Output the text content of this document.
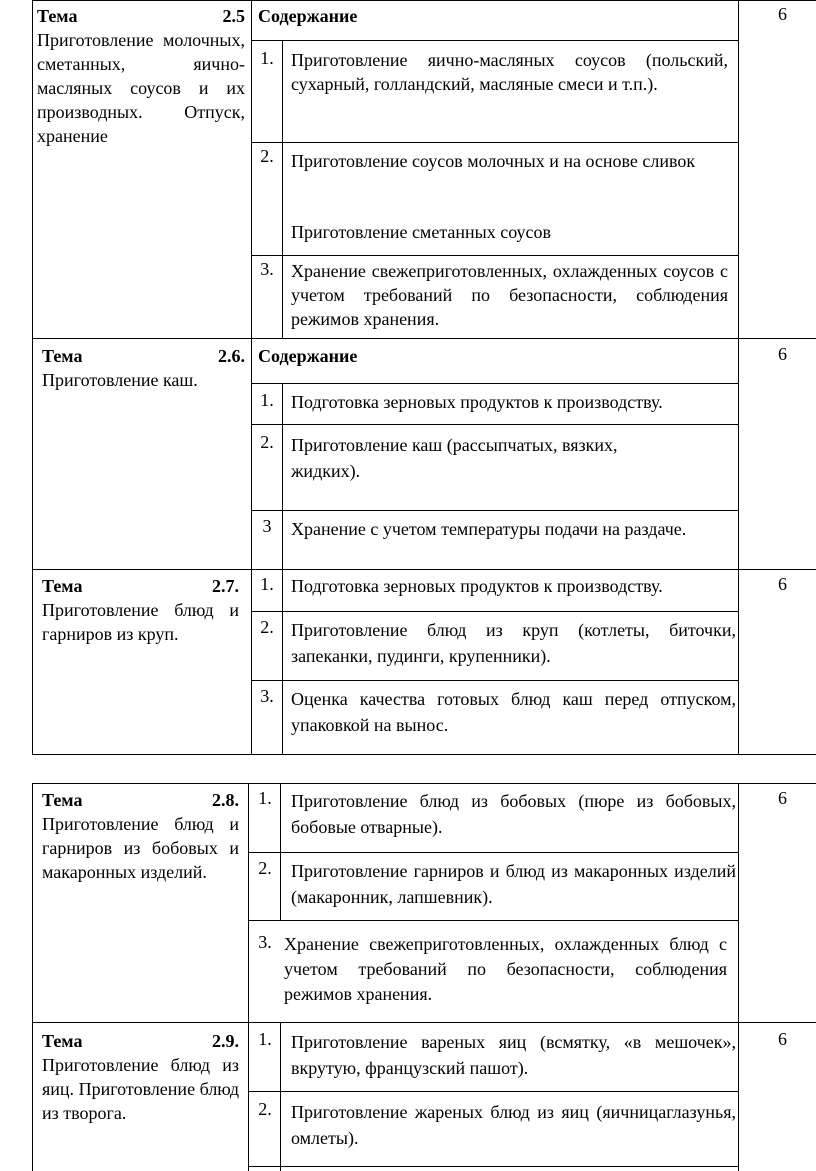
Тема	2.5
Приготовление молочных, сметанных, яично-масляных соусов и их производных. Отпуск, хранение
Содержание	6
1. Приготовление яично-масляных соусов (польский, сухарный, голландский, масляные смеси и т.п.).
2. Приготовление соусов молочных и на основе сливок
Приготовление сметанных соусов
3. Хранение свежеприготовленных, охлажденных соусов с учетом требований по безопасности, соблюдения режимов хранения.
Тема	2.6.
Приготовление каш.
Содержание	6
1. Подготовка зерновых продуктов к производству.
2. Приготовление каш (рассыпчатых, вязких, жидких).
3	Хранение с учетом температуры подачи на раздаче.
Тема	2.7.
Приготовление блюд и гарниров из круп.
6
1. Подготовка зерновых продуктов к производству.
2. Приготовление блюд из круп (котлеты, биточки, запеканки, пудинги, крупенники).
3. Оценка качества готовых блюд каш перед отпуском, упаковкой на вынос.
Тема	2.8.
Приготовление блюд и гарниров из бобовых и макаронных изделий.
6
1.	Приготовление блюд из бобовых (пюре из бобовых, бобовые отварные).
2.	Приготовление гарниров и блюд из макаронных изделий (макаронник, лапшевник).
3. Хранение свежеприготовленных, охлажденных блюд с учетом требований по безопасности, соблюдения режимов хранения.
Тема	2.9.
Приготовление блюд из яиц. Приготовление блюд из творога.
6
1.	Приготовление вареных яиц (всмятку, «в мешочек», вкрутую, французский пашот).
2.	Приготовление жареных блюд из яиц (яичницаглазунья, омлеты).
